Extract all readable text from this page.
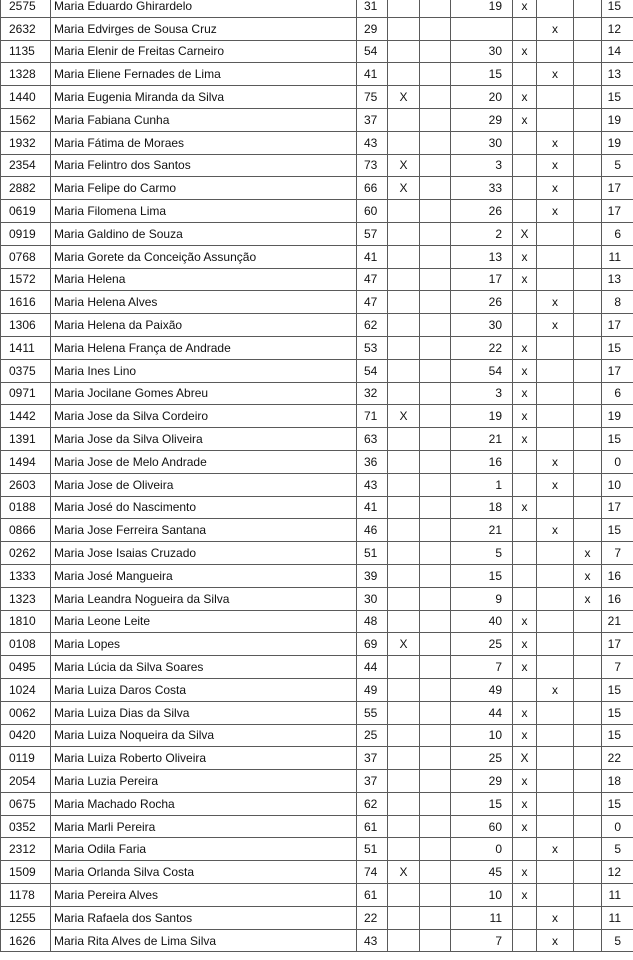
2575	Maria Eduardo Ghirardelo	31			19	x			15
2632	Maria Edvirges de Sousa Cruz	29					x		12
1135	Maria Elenir de Freitas Carneiro	54			30	x			14
1328	Maria Eliene Fernades de Lima	41			15		x		13
1440	Maria Eugenia Miranda da Silva	75	X		20	x			15
1562	Maria Fabiana Cunha	37			29	x			19
1932	Maria Fátima de Moraes	43			30		x		19
2354	Maria Felintro dos Santos	73	X		3		x		5
2882	Maria Felipe do Carmo	66	X		33		x		17
0619	Maria Filomena Lima	60			26		x		17
0919	Maria Galdino de Souza	57			2	X			6
0768	Maria Gorete da Conceição Assunção	41			13	x			11
1572	Maria Helena	47			17	x			13
1616	Maria Helena Alves	47			26		x		8
1306	Maria Helena da Paixão	62			30		x		17
1411	Maria Helena França de Andrade	53			22	x			15
0375	Maria Ines Lino	54			54	x			17
0971	Maria Jocilane Gomes Abreu	32			3	x			6
1442	Maria Jose da Silva Cordeiro	71	X		19	x			19
1391	Maria Jose da Silva Oliveira	63			21	x			15
1494	Maria Jose de Melo Andrade	36			16		x		0
2603	Maria Jose de Oliveira	43			1		x		10
0188	Maria José do Nascimento	41			18	x			17
0866	Maria Jose Ferreira Santana	46			21		x		15
0262	Maria Jose Isaias Cruzado	51			5			x	7
1333	Maria José Mangueira	39			15			x	16
1323	Maria Leandra Nogueira da Silva	30			9			x	16
1810	Maria Leone Leite	48			40	x			21
0108	Maria Lopes	69	X		25	x			17
0495	Maria Lúcia da Silva Soares	44			7	x			7
1024	Maria Luiza Daros Costa	49			49		x		15
0062	Maria Luiza Dias da Silva	55			44	x			15
0420	Maria Luiza Noqueira da Silva	25			10	x			15
0119	Maria Luiza Roberto Oliveira	37			25	X			22
2054	Maria Luzia Pereira	37			29	x			18
0675	Maria Machado Rocha	62			15	x			15
0352	Maria Marli Pereira	61			60	x			0
2312	Maria Odila Faria	51			0		x		5
1509	Maria Orlanda Silva Costa	74	X		45	x			12
1178	Maria Pereira Alves	61			10	x			11
1255	Maria Rafaela dos Santos	22			11		x		11
1626	Maria Rita Alves de Lima Silva	43			7		x		5
